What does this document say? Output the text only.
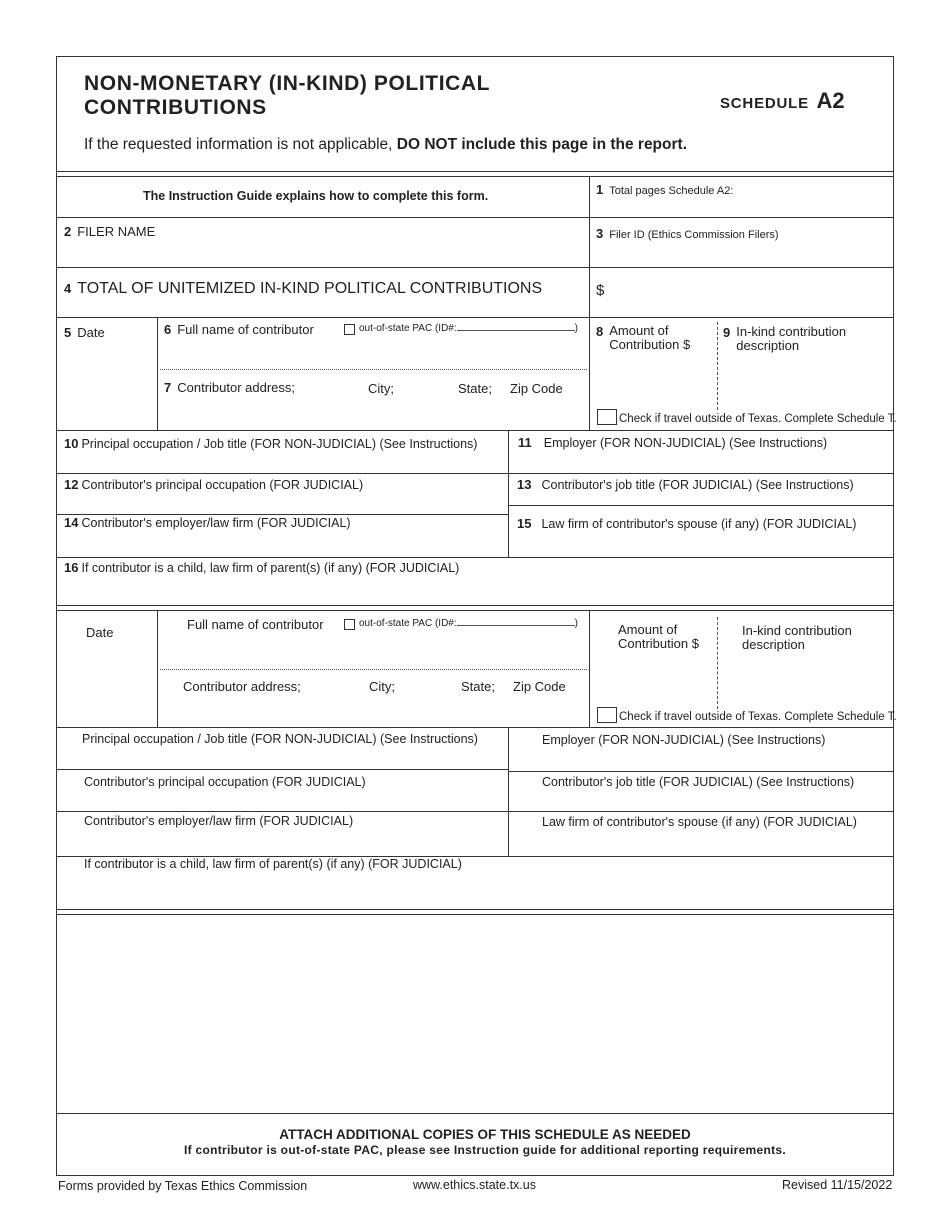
NON-MONETARY (IN-KIND) POLITICAL
CONTRIBUTIONS	SCHEDULE A2
If the requested information is not applicable, DO NOT include this page in the report.
The Instruction Guide explains how to complete this form.	1 Total pages Schedule A2:
2 FILER NAME	3 Filer ID (Ethics Commission Filers)
4 TOTAL OF UNITEMIZED IN-KIND POLITICAL CONTRIBUTIONS	$
5 Date	6 Full name of contributor	out-of-state PAC (ID#:	)
7 Contributor address;	City;	State; Zip Code
8 Amount of
Contribution $
9 In-kind contribution
description
Check if travel outside of Texas. Complete Schedule T.
10 Principal occupation / Job title (FOR NON-JUDICIAL) (See Instructions)	11 Employer (FOR NON-JUDICIAL) (See Instructions)
12 Contributor's principal occupation (FOR JUDICIAL)	13 Contributor's job title (FOR JUDICIAL) (See Instructions)
14 Contributor's employer/law firm (FOR JUDICIAL)	15 Law firm of contributor's spouse (if any) (FOR JUDICIAL)
16 If contributor is a child, law firm of parent(s) (if any) (FOR JUDICIAL)
Date
Full name of contributor	out-of-state PAC (ID#:	)
Contributor address;	City;	State; Zip Code
Amount of
Contribution $
In-kind contribution
description
Check if travel outside of Texas. Complete Schedule T.
Principal occupation / Job title (FOR NON-JUDICIAL) (See Instructions)	Employer (FOR NON-JUDICIAL) (See Instructions)
Contributor's principal occupation (FOR JUDICIAL)	Contributor's job title (FOR JUDICIAL) (See Instructions)
Contributor's employer/law firm (FOR JUDICIAL)	Law firm of contributor's spouse (if any) (FOR JUDICIAL)
If contributor is a child, law firm of parent(s) (if any) (FOR JUDICIAL)
ATTACH ADDITIONAL COPIES OF THIS SCHEDULE AS NEEDED
If contributor is out-of-state PAC, please see Instruction guide for additional reporting requirements.
Forms provided by Texas Ethics Commission	www.ethics.state.tx.us	Revised 11/15/2022
